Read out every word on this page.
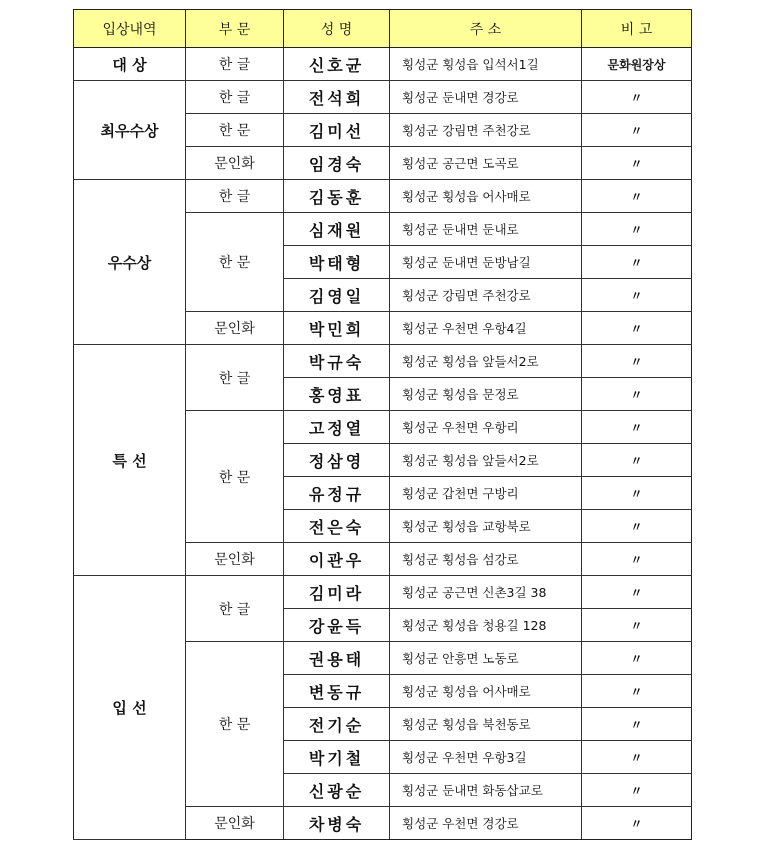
입상내역	부 문	성 명	주 소	비 고
대 상	한 글	신호균	횡성군 횡성읍 입석서1길	문화원장상
최우수상	한 글	전석희	횡성군 둔내면 경강로	〃
	한 문	김미선	횡성군 강림면 주천강로	〃
	문인화	임경숙	횡성군 공근면 도곡로	〃
우수상	한 글	김동훈	횡성군 횡성읍 어사매로	〃
	한 문	심재원	횡성군 둔내면 둔내로	〃
		박태형	횡성군 둔내면 둔방남길	〃
		김영일	횡성군 강림면 주천강로	〃
	문인화	박민희	횡성군 우천면 우항4길	〃
특 선	한 글	박규숙	횡성군 횡성읍 앞들서2로	〃
		홍영표	횡성군 횡성읍 문정로	〃
	한 문	고정열	횡성군 우천면 우항리	〃
		정삼영	횡성군 횡성읍 앞들서2로	〃
		유정규	횡성군 갑천면 구방리	〃
		전은숙	횡성군 횡성읍 교항북로	〃
	문인화	이관우	횡성군 횡성읍 섬강로	〃
입 선	한 글	김미라	횡성군 공근면 신촌3길 38	〃
		강윤득	횡성군 횡성읍 청용길 128	〃
	한 문	권용태	횡성군 안흥면 노동로	〃
		변동규	횡성군 횡성읍 어사매로	〃
		전기순	횡성군 횡성읍 북천동로	〃
		박기철	횡성군 우천면 우항3길	〃
		신광순	횡성군 둔내면 화동삽교로	〃
	문인화	차병숙	횡성군 우천면 경강로	〃
